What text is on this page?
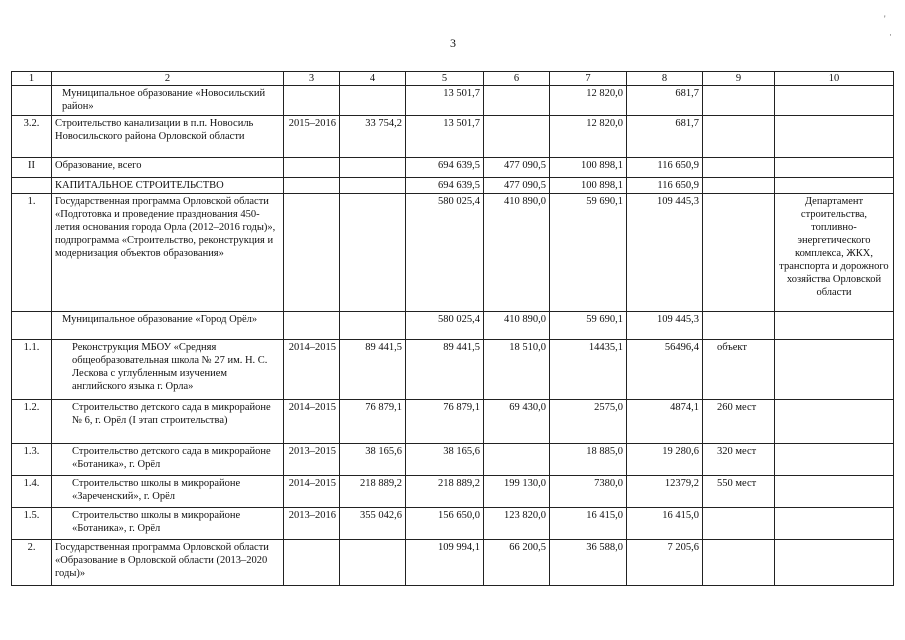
3
'
·
1	2	3	4	5	6	7	8	9	10
	Муниципальное образование «Новосильский район»			13 501,7		12 820,0	681,7		
3.2.	Строительство канализации в п.п. Новосиль Новосильского района Орловской области	2015–2016	33 754,2	13 501,7		12 820,0	681,7		
II	Образование, всего			694 639,5	477 090,5	100 898,1	116 650,9		
	КАПИТАЛЬНОЕ СТРОИТЕЛЬСТВО			694 639,5	477 090,5	100 898,1	116 650,9		
1.	Государственная программа Орловской области «Подготовка и проведение празднования 450-летия основания города Орла (2012–2016 годы)», подпрограмма «Строительство, реконструкция и модернизация объектов образования»			580 025,4	410 890,0	59 690,1	109 445,3		Департамент строительства, топливно-энергетического комплекса, ЖКХ, транспорта и дорожного хозяйства Орловской области
	Муниципальное образование «Город Орёл»			580 025,4	410 890,0	59 690,1	109 445,3		
1.1.	Реконструкция МБОУ «Средняя общеобразовательная школа № 27 им. Н. С. Лескова с углубленным изучением английского языка г. Орла»	2014–2015	89 441,5	89 441,5	18 510,0	14435,1	56496,4	объект	
1.2.	Строительство детского сада в микрорайоне № 6, г. Орёл (I этап строительства)	2014–2015	76 879,1	76 879,1	69 430,0	2575,0	4874,1	260 мест	
1.3.	Строительство детского сада в микрорайоне «Ботаника», г. Орёл	2013–2015	38 165,6	38 165,6		18 885,0	19 280,6	320 мест	
1.4.	Строительство школы в микрорайоне «Зареченский», г. Орёл	2014–2015	218 889,2	218 889,2	199 130,0	7380,0	12379,2	550 мест	
1.5.	Строительство школы в микрорайоне «Ботаника», г. Орёл	2013–2016	355 042,6	156 650,0	123 820,0	16 415,0	16 415,0		
2.	Государственная программа Орловской области «Образование в Орловской области (2013–2020 годы)»			109 994,1	66 200,5	36 588,0	7 205,6		
